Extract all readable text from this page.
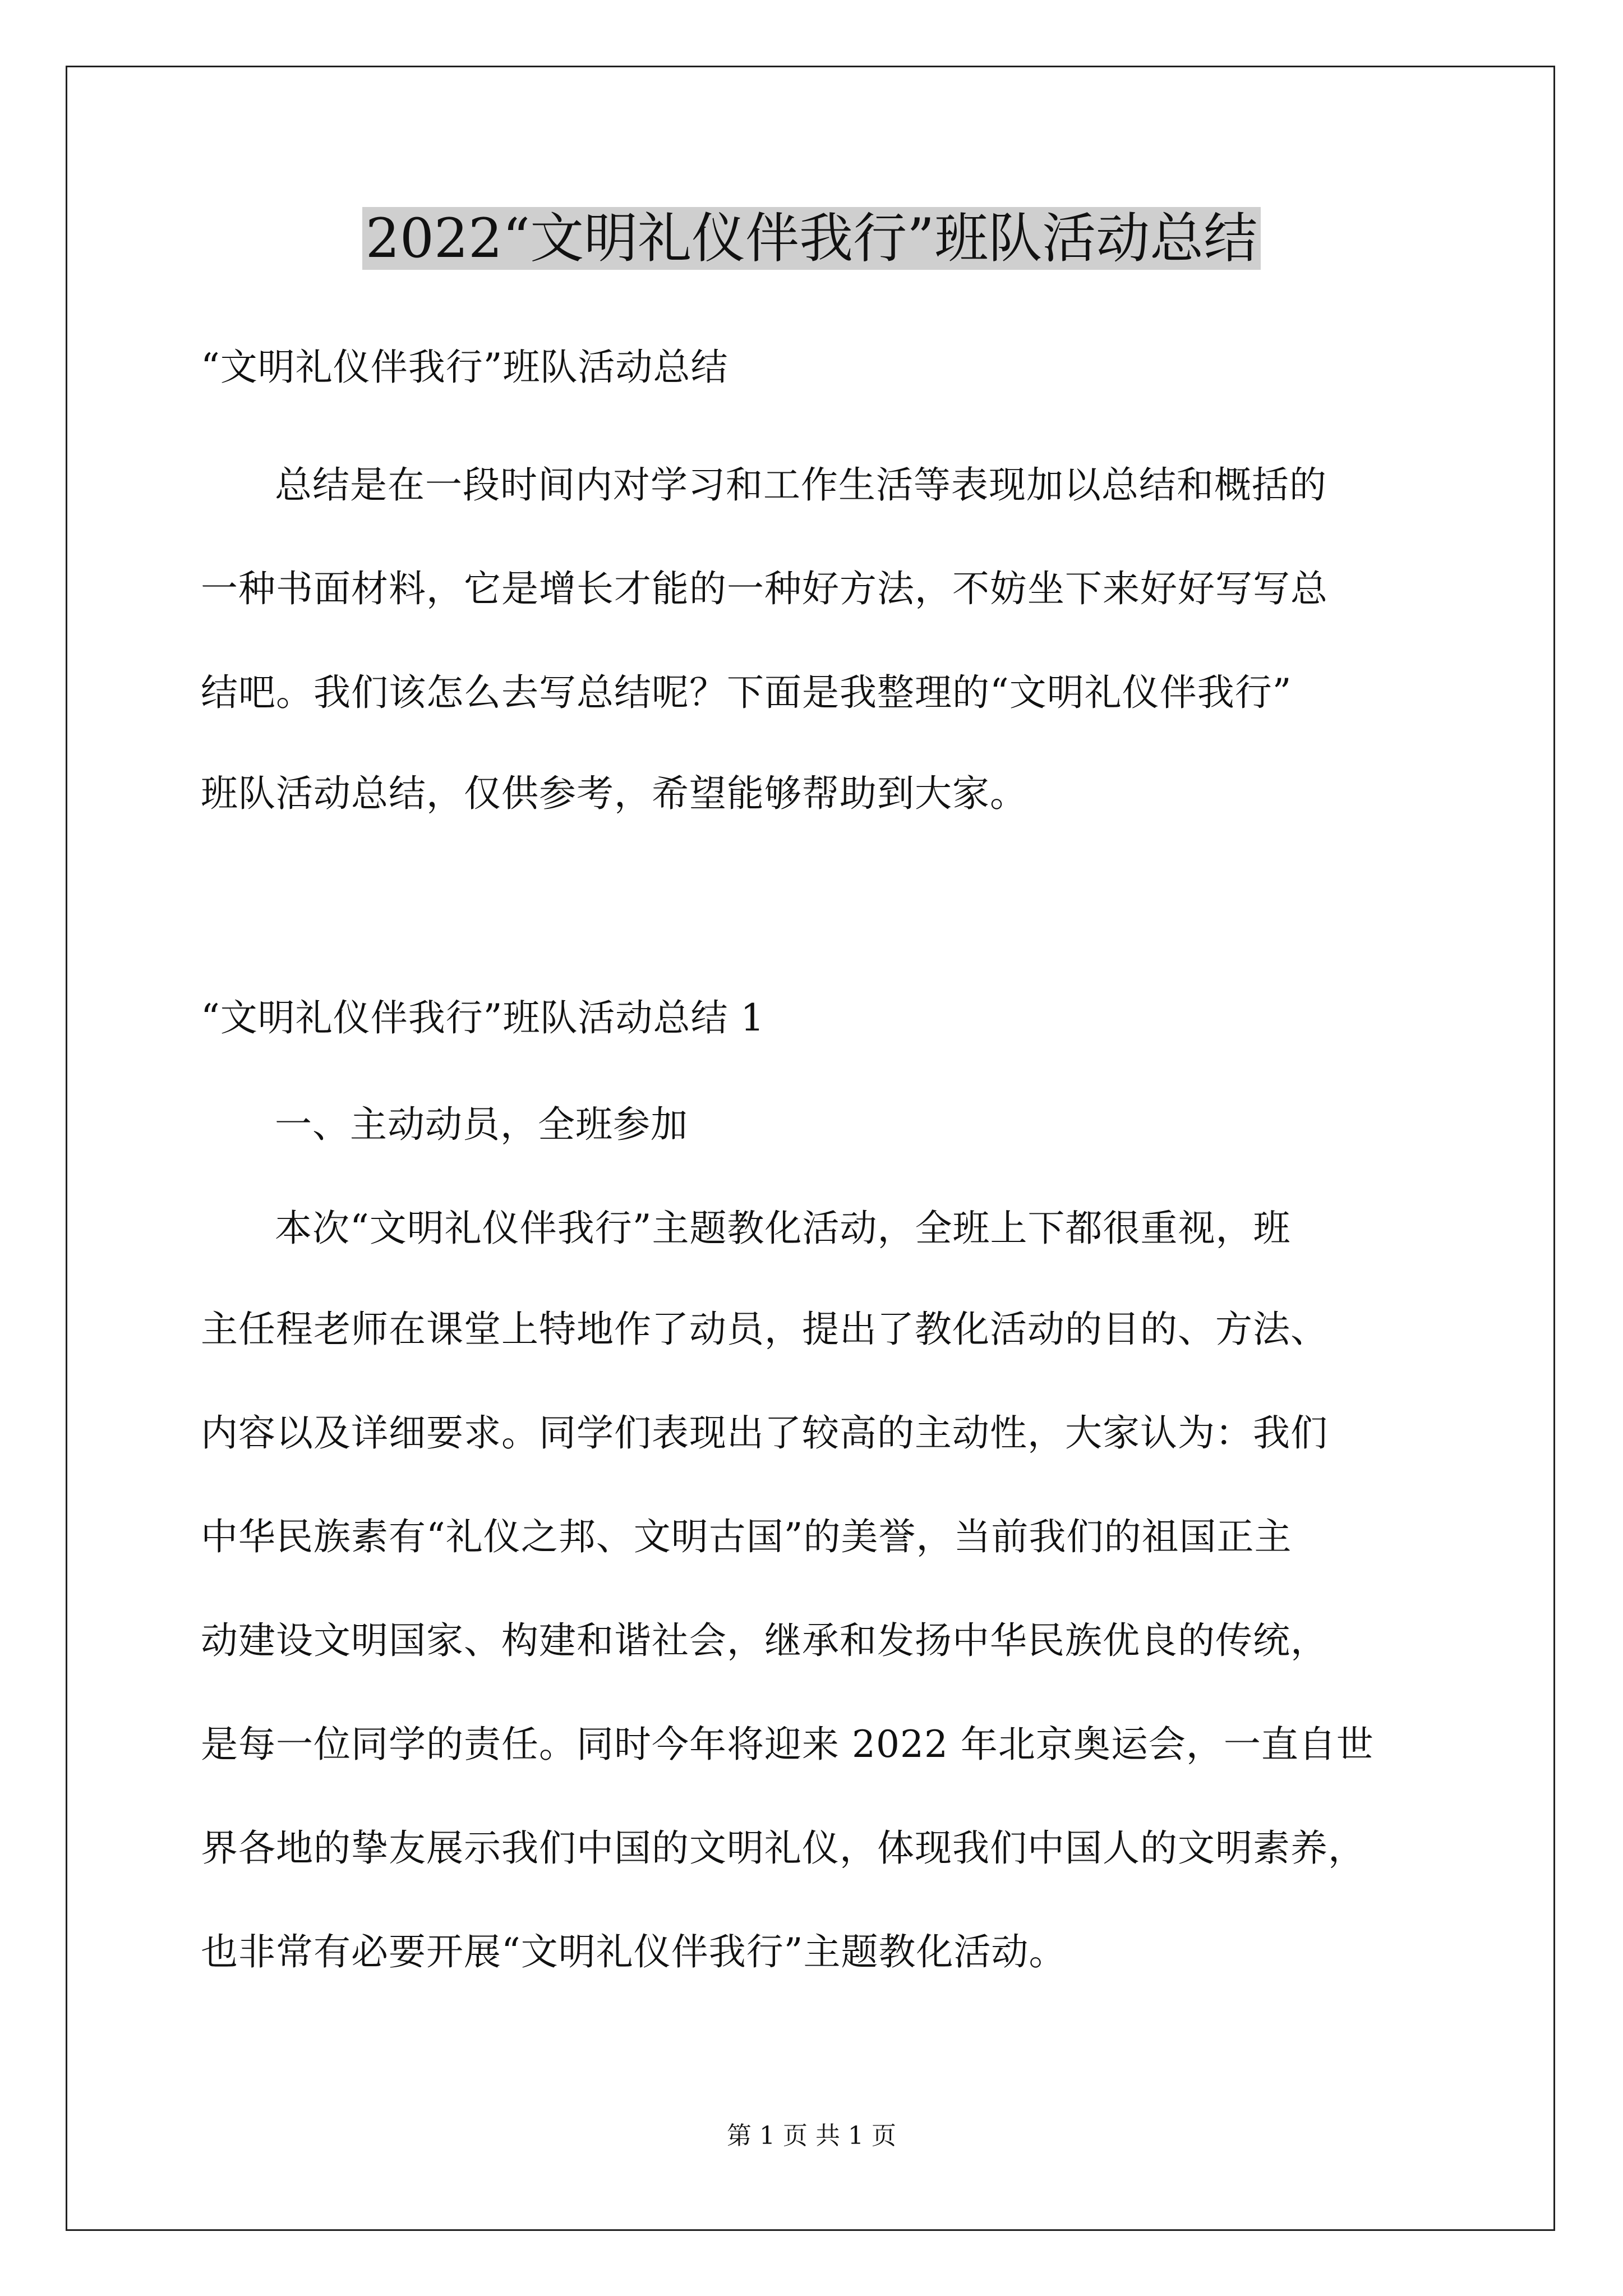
2022“文明礼仪伴我行”班队活动总结
“文明礼仪伴我行”班队活动总结
总结是在一段时间内对学习和工作生活等表现加以总结和概括的
一种书面材料，它是增长才能的一种好方法，不妨坐下来好好写写总
结吧。我们该怎么去写总结呢？下面是我整理的“文明礼仪伴我行”
班队活动总结，仅供参考，希望能够帮助到大家。
“文明礼仪伴我行”班队活动总结 1
一、主动动员，全班参加
本次“文明礼仪伴我行”主题教化活动，全班上下都很重视，班
主任程老师在课堂上特地作了动员，提出了教化活动的目的、方法、
内容以及详细要求。同学们表现出了较高的主动性，大家认为：我们
中华民族素有“礼仪之邦、文明古国”的美誉，当前我们的祖国正主
动建设文明国家、构建和谐社会，继承和发扬中华民族优良的传统，
是每一位同学的责任。同时今年将迎来 2022 年北京奥运会，一直自世
界各地的挚友展示我们中国的文明礼仪，体现我们中国人的文明素养，
也非常有必要开展“文明礼仪伴我行”主题教化活动。
第 1 页 共 1 页
